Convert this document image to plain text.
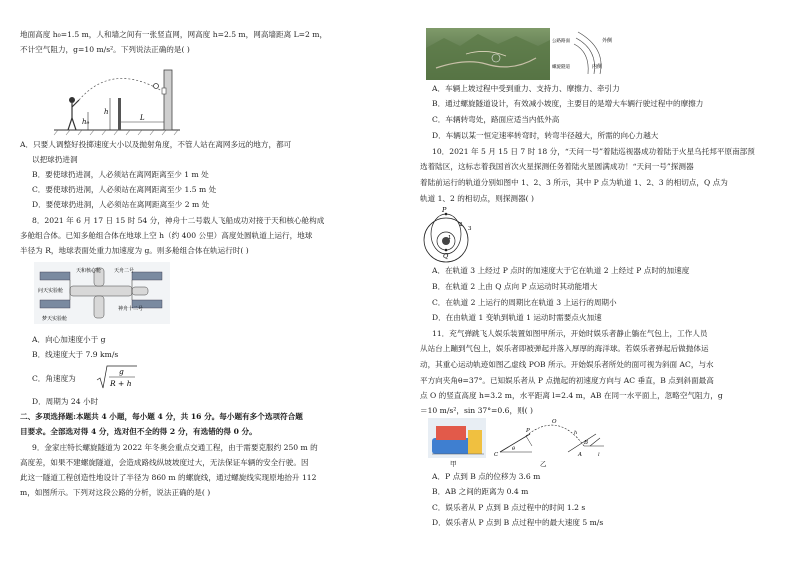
地面高度 h₀=1.5 m，人和墙之间有一张竖直网，网高度 h=2.5 m，网高墙距离 L=2 m，
不计空气阻力，g=10 m/s²。下列说法正确的是( )
h₀
h
L
A．只要人调整好投掷速度大小以及抛射角度，不管人站在离网多远的地方，都可
以把球扔进洞
B．要使球扔进洞，人必须站在离网距离至少 1 m 处
C．要使球扔进洞，人必须站在离网距离至少 1.5 m 处
D．要使球扔进洞，人必须站在离网距离至少 2 m 处
8．2021 年 6 月 17 日 15 时 54 分，神舟十二号载人飞船成功对接于天和核心舱构成
多舱组合体。已知多舱组合体在地球上空 h（约 400 公里）高度处圆轨道上运行，地球
半径为 R，地球表面处重力加速度为 g。则多舱组合体在轨运行时( )
天和核心舱	天舟二号
神舟十二号
问天实验舱
梦天实验舱
A．向心加速度小于 g
B．线速度大于 7.9 km/s
C．角速度为
g
R + h
D．周期为 24 小时
二、多项选择题:本题共 4 小题，每小题 4 分，共 16 分。每小题有多个选项符合题
目要求。全部选对得 4 分，选对但不全的得 2 分，有选错的得 0 分。
9．金家庄特长螺旋隧道为 2022 年冬奥会重点交通工程，由于需要克服约 250 m 的
高度差，如果不建螺旋隧道，会造成路线纵坡坡度过大，无法保证车辆的安全行驶。因
此这一隧道工程创造性地设计了半径为 860 m 的螺旋线，通过螺旋线实现原地抬升 112
m，如图所示。下列对这段公路的分析，说法正确的是( )
外侧
内侧
公路路面
螺旋隧道
A．车辆上坡过程中受到重力、支持力、摩擦力、牵引力
B．通过螺旋隧道设计，有效减小坡度，主要目的是增大车辆行驶过程中的摩擦力
C．车辆转弯处，路面应适当内低外高
D．车辆以某一恒定速率转弯时，转弯半径越大，所需的向心力越大
10．2021 年 5 月 15 日 7 时 18 分，“天问一号”着陆巡视器成功着陆于火星乌托邦平原南部预
选着陆区，这标志着我国首次火星探测任务着陆火星圆满成功！“天问一号”探测器
着陆前运行的轨道分别如图中 1、2、3 所示，其中 P 点为轨道 1、2、3 的相切点，Q 点为
轨道 1、2 的相切点，则探测器( )
P
Q
1
2
3
A．在轨道 3 上经过 P 点时的加速度大于它在轨道 2 上经过 P 点时的加速度
B．在轨道 2 上由 Q 点向 P 点运动时其动能增大
C．在轨道 2 上运行的周期比在轨道 3 上运行的周期小
D．在由轨道 1 变轨到轨道 1 运动时需要点火加速
11．充气弹跳飞人娱乐装置如图甲所示，开始时娱乐者静止躺在气包上，工作人员
从站台上蹦到气包上，娱乐者即被弹起并落入厚厚的海洋球。若娱乐者弹起后做抛体运
动，其重心运动轨迹如图乙虚线 POB 所示。开始娱乐者所处的面可视为斜面 AC，与水
平方向夹角θ=37°。已知娱乐者从 P 点抛起的初速度方向与 AC 垂直，B 点到斜面最高
点 O 的竖直高度 h=3.2 m，水平距离 l=2.4 m，AB 在同一水平面上，忽略空气阻力，g
＝10 m/s²，sin 37°=0.6，则( )
甲
P
O
C	A
B
θ
h
l
乙
A．P 点到 B 点的位移为 3.6 m
B．AB 之间的距离为 0.4 m
C．娱乐者从 P 点到 B 点过程中的时间 1.2 s
D．娱乐者从 P 点到 B 点过程中的最大速度 5 m/s
